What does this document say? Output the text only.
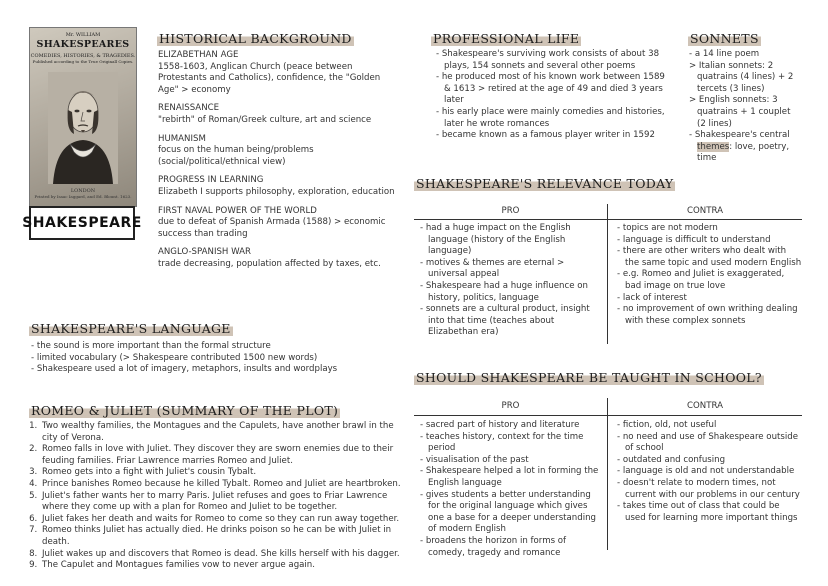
Mr. WILLIAM
SHAKESPEARES
COMEDIES, HISTORIES, & TRAGEDIES.
Published according to the True Originall Copies.
LONDON
Printed by Isaac Iaggard, and Ed. Blount. 1623.
SHAKESPEARE
HISTORICAL BACKGROUND
ELIZABETHAN AGE
1558-1603, Anglican Church (peace between Protestants and Catholics), confidence, the "Golden Age" > economy
RENAISSANCE
"rebirth" of Roman/Greek culture, art and science
HUMANISM
focus on the human being/problems (social/political/ethnical view)
PROGRESS IN LEARNING
Elizabeth I supports philosophy, exploration, education
FIRST NAVAL POWER OF THE WORLD
due to defeat of Spanish Armada (1588) > economic success than trading
ANGLO-SPANISH WAR
trade decreasing, population affected by taxes, etc.
SHAKESPEARE'S LANGUAGE
- the sound is more important than the formal structure
- limited vocabulary (> Shakespeare contributed 1500 new words)
- Shakespeare used a lot of imagery, metaphors, insults and wordplays
ROMEO & JULIET (SUMMARY OF THE PLOT)
1. Two wealthy families, the Montagues and the Capulets, have another brawl in the city of Verona.
2. Romeo falls in love with Juliet. They discover they are sworn enemies due to their feuding families. Friar Lawrence marries Romeo and Juliet.
3. Romeo gets into a fight with Juliet's cousin Tybalt.
4. Prince banishes Romeo because he killed Tybalt. Romeo and Juliet are heartbroken.
5. Juliet's father wants her to marry Paris. Juliet refuses and goes to Friar Lawrence where they come up with a plan for Romeo and Juliet to be together.
6. Juliet fakes her death and waits for Romeo to come so they can run away together.
7. Romeo thinks Juliet has actually died. He drinks poison so he can be with Juliet in death.
8. Juliet wakes up and discovers that Romeo is dead. She kills herself with his dagger.
9. The Capulet and Montagues families vow to never argue again.
PROFESSIONAL LIFE
- Shakespeare's surviving work consists of about 38 plays, 154 sonnets and several other poems
- he produced most of his known work between 1589 & 1613 > retired at the age of 49 and died 3 years later
- his early place were mainly comedies and histories, later he wrote romances
- became known as a famous player writer in 1592
SONNETS
- a 14 line poem
> Italian sonnets: 2 quatrains (4 lines) + 2 tercets (3 lines)
> English sonnets: 3 quatrains + 1 couplet (2 lines)
- Shakespeare's central themes: love, poetry, time
SHAKESPEARE'S RELEVANCE TODAY
PRO	CONTRA
- had a huge impact on the English language (history of the English language)
- motives & themes are eternal > universal appeal
- Shakespeare had a huge influence on history, politics, language
- sonnets are a cultural product, insight into that time (teaches about Elizabethan era)
- topics are not modern
- language is difficult to understand
- there are other writers who dealt with the same topic and used modern English
- e.g. Romeo and Juliet is exaggerated, bad image on true love
- lack of interest
- no improvement of own writhing dealing with these complex sonnets
SHOULD SHAKESPEARE BE TAUGHT IN SCHOOL?
PRO	CONTRA
- sacred part of history and literature
- teaches history, context for the time period
- visualisation of the past
- Shakespeare helped a lot in forming the English language
- gives students a better understanding for the original language which gives one a base for a deeper understanding of modern English
- broadens the horizon in forms of comedy, tragedy and romance
- fiction, old, not useful
- no need and use of Shakespeare outside of school
- outdated and confusing
- language is old and not understandable
- doesn't relate to modern times, not current with our problems in our century
- takes time out of class that could be used for learning more important things
